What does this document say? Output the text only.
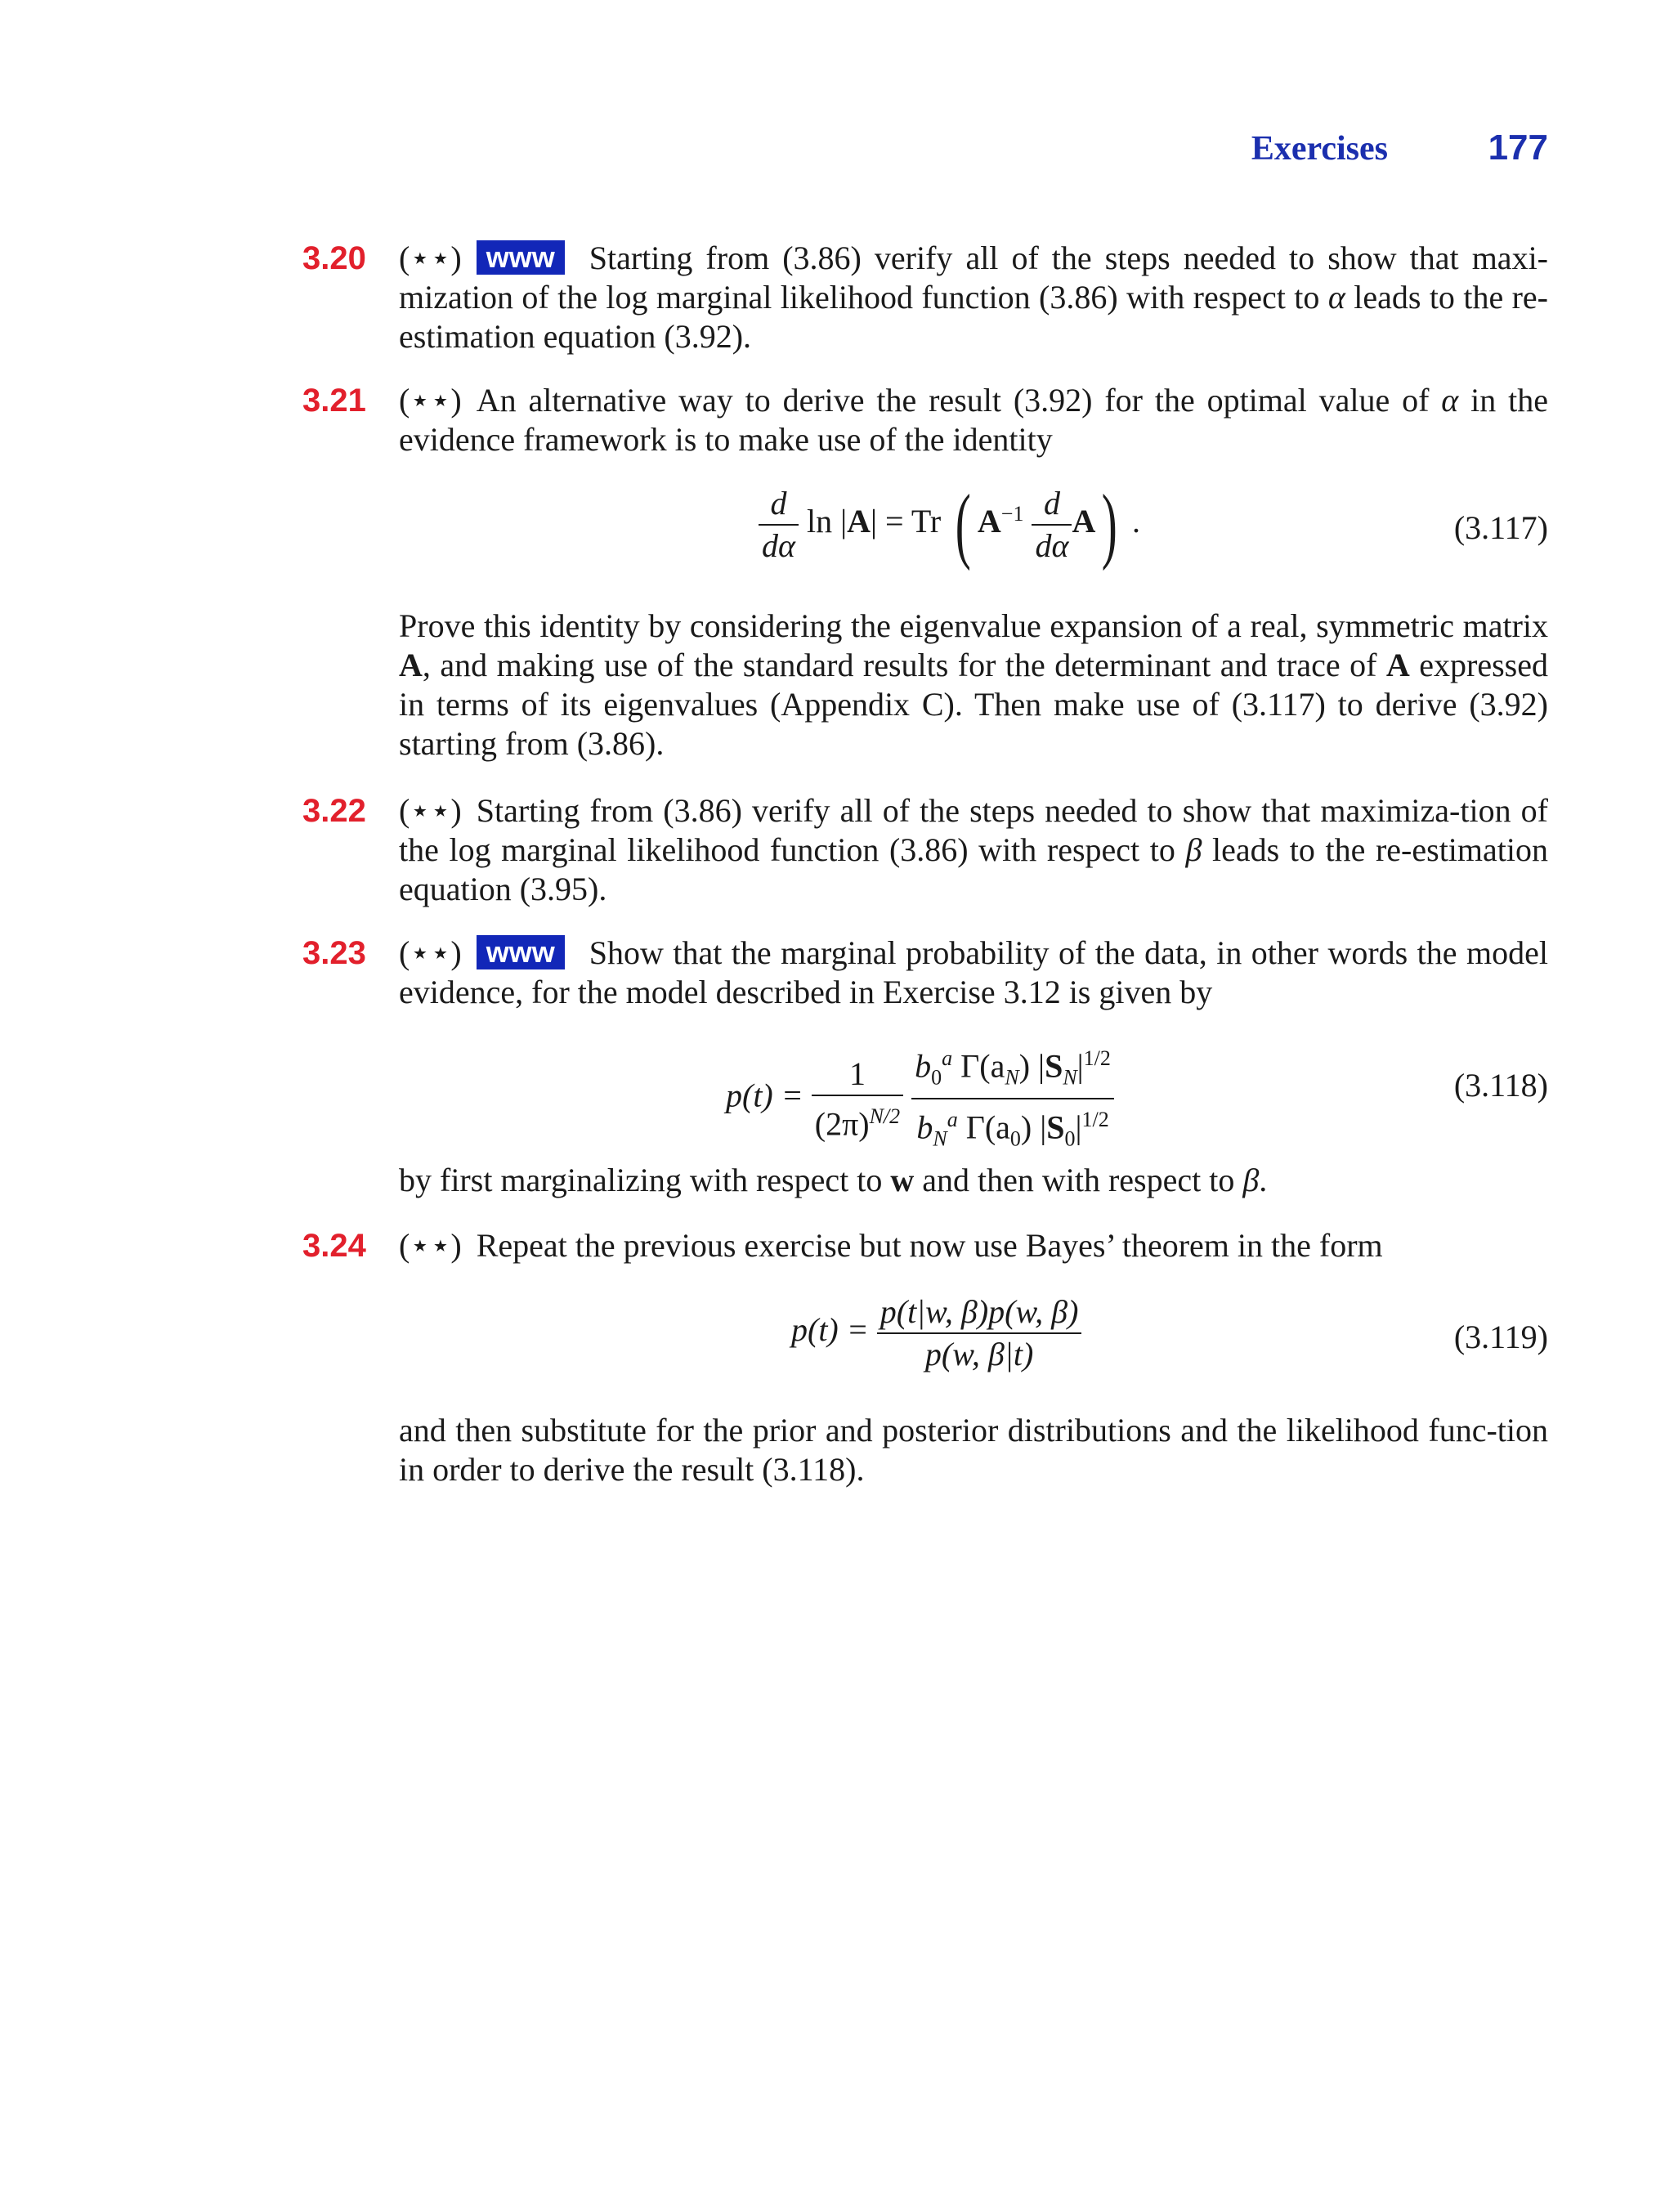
Exercises	177
3.20 (⋆⋆) www Starting from (3.86) verify all of the steps needed to show that maxi-mization of the log marginal likelihood function (3.86) with respect to α leads to the re-estimation equation (3.92).
3.21 (⋆⋆) An alternative way to derive the result (3.92) for the optimal value of α in the evidence framework is to make use of the identity
$\frac{d}{d\alpha}$ ln |A| = Tr ( $A^{-1} \frac{d}{d\alpha} A$) .	(3.117)
Prove this identity by considering the eigenvalue expansion of a real, symmetric matrix A, and making use of the standard results for the determinant and trace of A expressed in terms of its eigenvalues (Appendix C). Then make use of (3.117) to derive (3.92) starting from (3.86).
3.22 (⋆⋆) Starting from (3.86) verify all of the steps needed to show that maximiza-tion of the log marginal likelihood function (3.86) with respect to β leads to the re-estimation equation (3.95).
3.23 (⋆⋆) www Show that the marginal probability of the data, in other words the model evidence, for the model described in Exercise 3.12 is given by
$p(t) = \frac{1}{(2\pi)^{N/2}}$
$\frac{b_0^a \Gamma(a_N) |S_N|^{1/2}}{b_N^a \Gamma(a_0) |S_0|^{1/2}}$	(3.118)
by first marginalizing with respect to w and then with respect to β.
3.24 (⋆⋆) Repeat the previous exercise but now use Bayes’ theorem in the form
$p(t) = \frac{p(t|w, \beta)p(w, \beta)}{p(w, \beta|t)}$	(3.119)
and then substitute for the prior and posterior distributions and the likelihood func-tion in order to derive the result (3.118).
